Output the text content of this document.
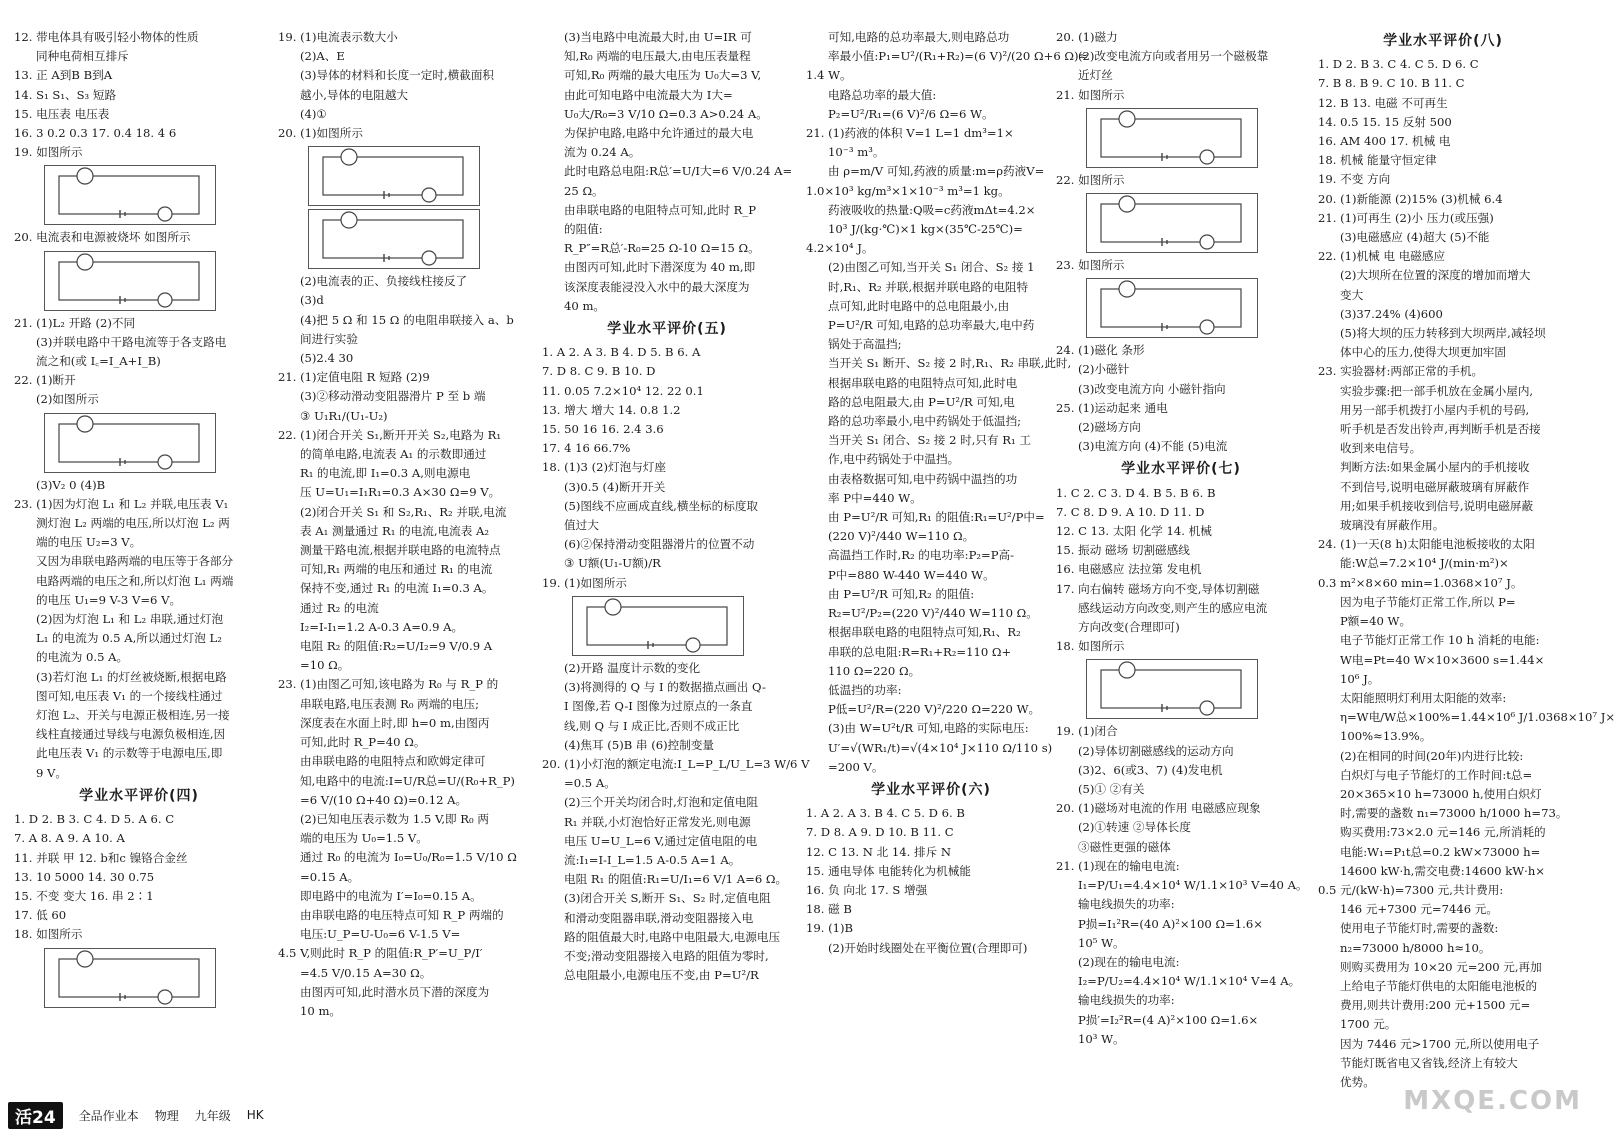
12. 带电体具有吸引轻小物体的性质
同种电荷相互排斥
13. 正 A到B B到A
14. S₁ S₁、S₃ 短路
15. 电压表 电压表
16. 3 0.2 0.3 17. 0.4 18. 4 6
19. 如图所示
20. 电流表和电源被烧坏 如图所示
21. (1)L₂ 开路 (2)不同
(3)并联电路中干路电流等于各支路电
流之和(或 I꜀=I_A+I_B)
22. (1)断开
(2)如图所示
(3)V₂ 0 (4)B
23. (1)因为灯泡 L₁ 和 L₂ 并联,电压表 V₁
测灯泡 L₂ 两端的电压,所以灯泡 L₂ 两
端的电压 U₂=3 V。
又因为串联电路两端的电压等于各部分
电路两端的电压之和,所以灯泡 L₁ 两端
的电压 U₁=9 V-3 V=6 V。
(2)因为灯泡 L₁ 和 L₂ 串联,通过灯泡
L₁ 的电流为 0.5 A,所以通过灯泡 L₂
的电流为 0.5 A。
(3)若灯泡 L₁ 的灯丝被烧断,根据电路
图可知,电压表 V₁ 的一个接线柱通过
灯泡 L₂、开关与电源正极相连,另一接
线柱直接通过导线与电源负极相连,因
此电压表 V₁ 的示数等于电源电压,即
9 V。
学业水平评价(四)
1. D 2. B 3. C 4. D 5. A 6. C
7. A 8. A 9. A 10. A
11. 并联 甲 12. b和c 镍铬合金丝
13. 10 5000 14. 30 0.75
15. 不变 变大 16. 串 2∶1
17. 低 60
18. 如图所示
19. (1)电流表示数大小
(2)A、E
(3)导体的材料和长度一定时,横截面积
越小,导体的电阻越大
(4)①
20. (1)如图所示
(2)电流表的正、负接线柱接反了
(3)d
(4)把 5 Ω 和 15 Ω 的电阻串联接入 a、b
间进行实验
(5)2.4 30
21. (1)定值电阻 R 短路 (2)9
(3)②移动滑动变阻器滑片 P 至 b 端
③ U₁R₁/(U₁-U₂)
22. (1)闭合开关 S₁,断开开关 S₂,电路为 R₁
的简单电路,电流表 A₁ 的示数即通过
R₁ 的电流,即 I₁=0.3 A,则电源电
压 U=U₁=I₁R₁=0.3 A×30 Ω=9 V。
(2)闭合开关 S₁ 和 S₂,R₁、R₂ 并联,电流
表 A₁ 测量通过 R₁ 的电流,电流表 A₂
测量干路电流,根据并联电路的电流特点
可知,R₁ 两端的电压和通过 R₁ 的电流
保持不变,通过 R₁ 的电流 I₁=0.3 A。
通过 R₂ 的电流
I₂=I-I₁=1.2 A-0.3 A=0.9 A。
电阻 R₂ 的阻值:R₂=U/I₂=9 V/0.9 A
=10 Ω。
23. (1)由图乙可知,该电路为 R₀ 与 R_P 的
串联电路,电压表测 R₀ 两端的电压;
深度表在水面上时,即 h=0 m,由图丙
可知,此时 R_P=40 Ω。
由串联电路的电阻特点和欧姆定律可
知,电路中的电流:I=U/R总=U/(R₀+R_P)
=6 V/(10 Ω+40 Ω)=0.12 A。
(2)已知电压表示数为 1.5 V,即 R₀ 两
端的电压为 U₀=1.5 V。
通过 R₀ 的电流为 I₀=U₀/R₀=1.5 V/10 Ω
=0.15 A。
即电路中的电流为 I′=I₀=0.15 A。
由串联电路的电压特点可知 R_P 两端的
电压:U_P=U-U₀=6 V-1.5 V=
4.5 V,则此时 R_P 的阻值:R_P′=U_P/I′
=4.5 V/0.15 A=30 Ω。
由图丙可知,此时潜水员下潜的深度为
10 m。
(3)当电路中电流最大时,由 U=IR 可
知,R₀ 两端的电压最大,由电压表量程
可知,R₀ 两端的最大电压为 U₀大=3 V,
由此可知电路中电流最大为 I大=
U₀大/R₀=3 V/10 Ω=0.3 A>0.24 A。
为保护电路,电路中允许通过的最大电
流为 0.24 A。
此时电路总电阻:R总′=U/I大=6 V/0.24 A=
25 Ω。
由串联电路的电阻特点可知,此时 R_P
的阻值:
R_P″=R总′-R₀=25 Ω-10 Ω=15 Ω。
由图丙可知,此时下潜深度为 40 m,即
该深度表能浸没入水中的最大深度为
40 m。
学业水平评价(五)
1. A 2. A 3. B 4. D 5. B 6. A
7. D 8. C 9. B 10. D
11. 0.05 7.2×10⁴ 12. 22 0.1
13. 增大 增大 14. 0.8 1.2
15. 50 16 16. 2.4 3.6
17. 4 16 66.7%
18. (1)3 (2)灯泡与灯座
(3)0.5 (4)断开开关
(5)图线不应画成直线,横坐标的标度取
值过大
(6)②保持滑动变阻器滑片的位置不动
③ U额(U₁-U额)/R
19. (1)如图所示
(2)开路 温度计示数的变化
(3)将测得的 Q 与 I 的数据描点画出 Q-
I 图像,若 Q-I 图像为过原点的一条直
线,则 Q 与 I 成正比,否则不成正比
(4)焦耳 (5)B 串 (6)控制变量
20. (1)小灯泡的额定电流:I_L=P_L/U_L=3 W/6 V
=0.5 A。
(2)三个开关均闭合时,灯泡和定值电阻
R₁ 并联,小灯泡恰好正常发光,则电源
电压 U=U_L=6 V,通过定值电阻的电
流:I₁=I-I_L=1.5 A-0.5 A=1 A。
电阻 R₁ 的阻值:R₁=U/I₁=6 V/1 A=6 Ω。
(3)闭合开关 S,断开 S₁、S₂ 时,定值电阻
和滑动变阻器串联,滑动变阻器接入电
路的阻值最大时,电路中电阻最大,电源电压
不变;滑动变阻器接入电路的阻值为零时,
总电阻最小,电源电压不变,由 P=U²/R
可知,电路的总功率最大,则电路总功
率最小值:P₁=U²/(R₁+R₂)=(6 V)²/(20 Ω+6 Ω)≈
1.4 W。
电路总功率的最大值:
P₂=U²/R₁=(6 V)²/6 Ω=6 W。
21. (1)药液的体积 V=1 L=1 dm³=1×
10⁻³ m³。
由 ρ=m/V 可知,药液的质量:m=ρ药液V=
1.0×10³ kg/m³×1×10⁻³ m³=1 kg。
药液吸收的热量:Q吸=c药液mΔt=4.2×
10³ J/(kg·℃)×1 kg×(35℃-25℃)=
4.2×10⁴ J。
(2)由图乙可知,当开关 S₁ 闭合、S₂ 接 1
时,R₁、R₂ 并联,根据并联电路的电阻特
点可知,此时电路中的总电阻最小,由
P=U²/R 可知,电路的总功率最大,电中药
锅处于高温挡;
当开关 S₁ 断开、S₂ 接 2 时,R₁、R₂ 串联,此时,
根据串联电路的电阻特点可知,此时电
路的总电阻最大,由 P=U²/R 可知,电
路的总功率最小,电中药锅处于低温挡;
当开关 S₁ 闭合、S₂ 接 2 时,只有 R₁ 工
作,电中药锅处于中温挡。
由表格数据可知,电中药锅中温挡的功
率 P中=440 W。
由 P=U²/R 可知,R₁ 的阻值:R₁=U²/P中=
(220 V)²/440 W=110 Ω。
高温挡工作时,R₂ 的电功率:P₂=P高-
P中=880 W-440 W=440 W。
由 P=U²/R 可知,R₂ 的阻值:
R₂=U²/P₂=(220 V)²/440 W=110 Ω。
根据串联电路的电阻特点可知,R₁、R₂
串联的总电阻:R=R₁+R₂=110 Ω+
110 Ω=220 Ω。
低温挡的功率:
P低=U²/R=(220 V)²/220 Ω=220 W。
(3)由 W=U²t/R 可知,电路的实际电压:
U′=√(WR₁/t)=√(4×10⁴ J×110 Ω/110 s)
=200 V。
学业水平评价(六)
1. A 2. A 3. B 4. C 5. D 6. B
7. D 8. A 9. D 10. B 11. C
12. C 13. N 北 14. 排斥 N
15. 通电导体 电能转化为机械能
16. 负 向北 17. S 增强
18. 磁 B
19. (1)B
(2)开始时线圈处在平衡位置(合理即可)
20. (1)磁力
(2)改变电流方向或者用另一个磁极靠
近灯丝
21. 如图所示
22. 如图所示
23. 如图所示
24. (1)磁化 条形
(2)小磁针
(3)改变电流方向 小磁针指向
25. (1)运动起来 通电
(2)磁场方向
(3)电流方向 (4)不能 (5)电流
学业水平评价(七)
1. C 2. C 3. D 4. B 5. B 6. B
7. C 8. D 9. A 10. D 11. D
12. C 13. 太阳 化学 14. 机械
15. 振动 磁场 切割磁感线
16. 电磁感应 法拉第 发电机
17. 向右偏转 磁场方向不变,导体切割磁
感线运动方向改变,则产生的感应电流
方向改变(合理即可)
18. 如图所示
19. (1)闭合
(2)导体切割磁感线的运动方向
(3)2、6(或3、7) (4)发电机
(5)① ②有关
20. (1)磁场对电流的作用 电磁感应现象
(2)①转速 ②导体长度
③磁性更强的磁体
21. (1)现在的输电电流:
I₁=P/U₁=4.4×10⁴ W/1.1×10³ V=40 A。
输电线损失的功率:
P损=I₁²R=(40 A)²×100 Ω=1.6×
10⁵ W。
(2)现在的输电电流:
I₂=P/U₂=4.4×10⁴ W/1.1×10⁴ V=4 A。
输电线损失的功率:
P损′=I₂²R=(4 A)²×100 Ω=1.6×
10³ W。
学业水平评价(八)
1. D 2. B 3. C 4. C 5. D 6. C
7. B 8. B 9. C 10. B 11. C
12. B 13. 电磁 不可再生
14. 0.5 15. 15 反射 500
16. AM 400 17. 机械 电
18. 机械 能量守恒定律
19. 不变 方向
20. (1)新能源 (2)15% (3)机械 6.4
21. (1)可再生 (2)小 压力(或压强)
(3)电磁感应 (4)超大 (5)不能
22. (1)机械 电 电磁感应
(2)大坝所在位置的深度的增加而增大
变大
(3)37.24% (4)600
(5)将大坝的压力转移到大坝两岸,减轻坝
体中心的压力,使得大坝更加牢固
23. 实验器材:两部正常的手机。
实验步骤:把一部手机放在金属小屋内,
用另一部手机拨打小屋内手机的号码,
听手机是否发出铃声,再判断手机是否接
收到来电信号。
判断方法:如果金属小屋内的手机接收
不到信号,说明电磁屏蔽玻璃有屏蔽作
用;如果手机接收到信号,说明电磁屏蔽
玻璃没有屏蔽作用。
24. (1)一天(8 h)太阳能电池板接收的太阳
能:W总=7.2×10⁴ J/(min·m²)×
0.3 m²×8×60 min=1.0368×10⁷ J。
因为电子节能灯正常工作,所以 P=
P额=40 W。
电子节能灯正常工作 10 h 消耗的电能:
W电=Pt=40 W×10×3600 s=1.44×
10⁶ J。
太阳能照明灯利用太阳能的效率:
η=W电/W总×100%=1.44×10⁶ J/1.0368×10⁷ J×
100%≈13.9%。
(2)在相同的时间(20年)内进行比较:
白炽灯与电子节能灯的工作时间:t总=
20×365×10 h=73000 h,使用白炽灯
时,需要的盏数 n₁=73000 h/1000 h=73。
购买费用:73×2.0 元=146 元,所消耗的
电能:W₁=P₁t总=0.2 kW×73000 h=
14600 kW·h,需交电费:14600 kW·h×
0.5 元/(kW·h)=7300 元,共计费用:
146 元+7300 元=7446 元。
使用电子节能灯时,需要的盏数:
n₂=73000 h/8000 h≈10。
则购买费用为 10×20 元=200 元,再加
上给电子节能灯供电的太阳能电池板的
费用,则共计费用:200 元+1500 元=
1700 元。
因为 7446 元>1700 元,所以使用电子
节能灯既省电又省钱,经济上有较大
优势。
活24	全品作业本 物理 九年级 HK	MXQE.COM
